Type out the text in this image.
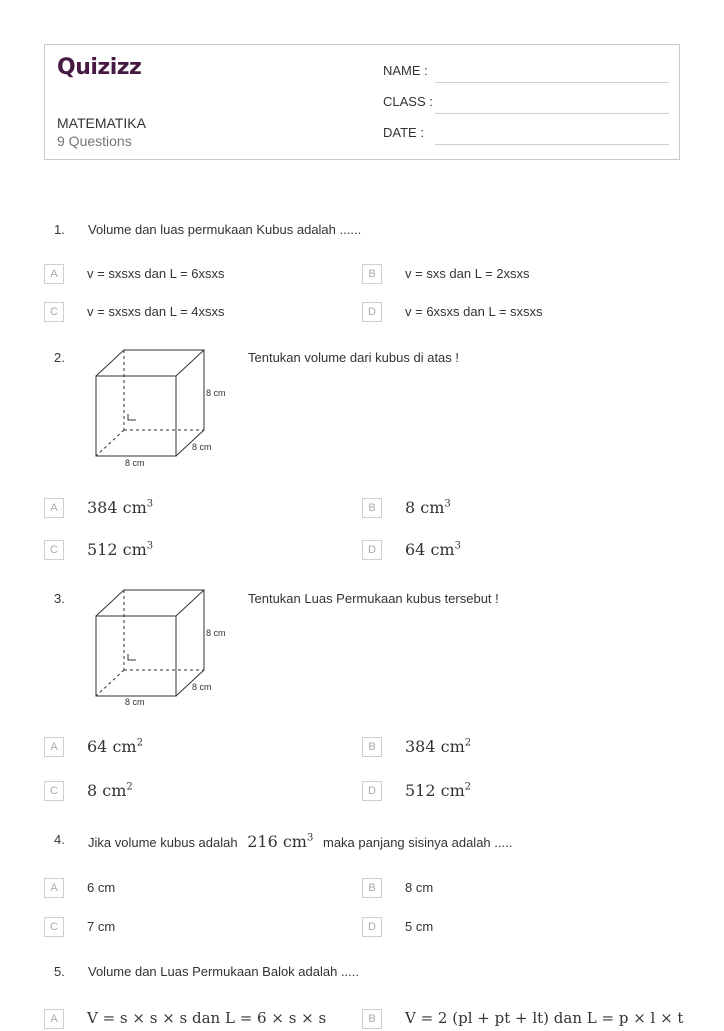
Quizizz
MATEMATIKA
9 Questions
NAME :
CLASS :
DATE :
1. Volume dan luas permukaan Kubus adalah ......
A	v = sxsxs dan L = 6xsxs	B	v = sxs dan L = 2xsxs
C	v = sxsxs dan L = 4xsxs	D	v = 6xsxs dan L = sxsxs
2.
8 cm
8 cm
8 cm
Tentukan volume dari kubus di atas !
A	384 $cm^3$	B	8 $cm^3$
C	512 $cm^3$	D	64 $cm^3$
3.
8 cm
8 cm
8 cm
Tentukan Luas Permukaan kubus tersebut !
A	64 $cm^2$	B	384 $cm^2$
C	8 $cm^2$	D	512 $cm^2$
4. Jika volume kubus adalah 216 $cm^3$ maka panjang sisinya adalah .....
A	6 cm	B	8 cm
C	7 cm	D	5 cm
5. Volume dan Luas Permukaan Balok adalah .....
A	V = s × s × s dan L = 6 × s × s	B	V = 2 (pl + pt + lt) dan L = p × l × t
